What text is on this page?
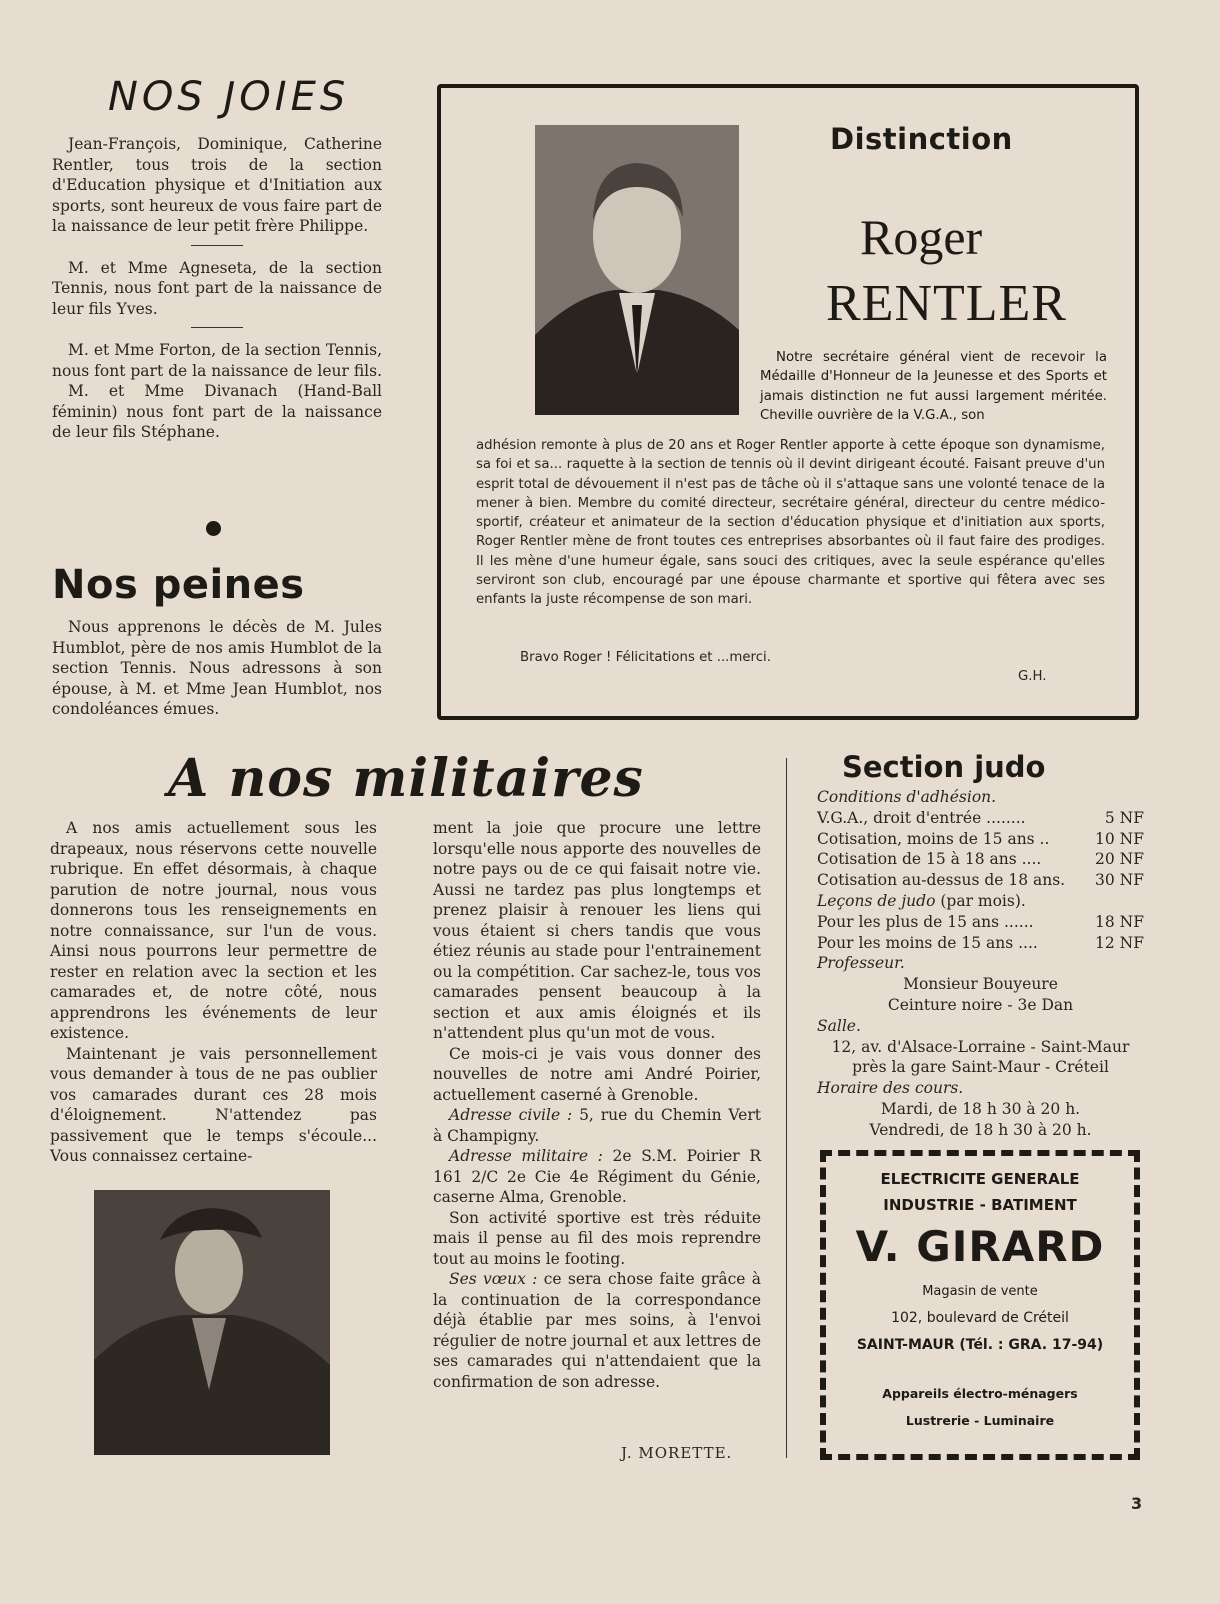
NOS JOIES

Jean-François, Dominique, Catherine Rentler, tous trois de la section d'Education physique et d'Initiation aux sports, sont heureux de vous faire part de la naissance de leur petit frère Philippe.

M. et Mme Agneseta, de la section Tennis, nous font part de la naissance de leur fils Yves.

M. et Mme Forton, de la section Tennis, nous font part de la naissance de leur fils.

M. et Mme Divanach (Hand-Ball féminin) nous font part de la naissance de leur fils Stéphane.

Nos peines

Nous apprenons le décès de M. Jules Humblot, père de nos amis Humblot de la section Tennis. Nous adressons à son épouse, à M. et Mme Jean Humblot, nos condoléances émues.

Distinction
Roger
RENTLER

Notre secrétaire général vient de recevoir la Médaille d'Honneur de la Jeunesse et des Sports et jamais distinction ne fut aussi largement méritée. Cheville ouvrière de la V.G.A., son

adhésion remonte à plus de 20 ans et Roger Rentler apporte à cette époque son dynamisme, sa foi et sa... raquette à la section de tennis où il devint dirigeant écouté. Faisant preuve d'un esprit total de dévouement il n'est pas de tâche où il s'attaque sans une volonté tenace de la mener à bien. Membre du comité directeur, secrétaire général, directeur du centre médico-sportif, créateur et animateur de la section d'éducation physique et d'initiation aux sports, Roger Rentler mène de front toutes ces entreprises absorbantes où il faut faire des prodiges. Il les mène d'une humeur égale, sans souci des critiques, avec la seule espérance qu'elles serviront son club, encouragé par une épouse charmante et sportive qui fêtera avec ses enfants la juste récompense de son mari.

Bravo Roger ! Félicitations et ...merci.
G.H.
A nos militaires

A nos amis actuellement sous les drapeaux, nous réservons cette nouvelle rubrique. En effet désormais, à chaque parution de notre journal, nous vous donnerons tous les renseignements en notre connaissance, sur l'un de vous. Ainsi nous pourrons leur permettre de rester en relation avec la section et les camarades et, de notre côté, nous apprendrons les événements de leur existence.

Maintenant je vais personnellement vous demander à tous de ne pas oublier vos camarades durant ces 28 mois d'éloignement. N'attendez pas passivement que le temps s'écoule... Vous connaissez certaine-

ment la joie que procure une lettre lorsqu'elle nous apporte des nouvelles de notre pays ou de ce qui faisait notre vie. Aussi ne tardez pas plus longtemps et prenez plaisir à renouer les liens qui vous étaient si chers tandis que vous étiez réunis au stade pour l'entrainement ou la compétition. Car sachez-le, tous vos camarades pensent beaucoup à la section et aux amis éloignés et ils n'attendent plus qu'un mot de vous.

Ce mois-ci je vais vous donner des nouvelles de notre ami André Poirier, actuellement caserné à Grenoble.

Adresse civile : 5, rue du Chemin Vert à Champigny.

Adresse militaire : 2e S.M. Poirier R 161 2/C 2e Cie 4e Régiment du Génie, caserne Alma, Grenoble.

Son activité sportive est très réduite mais il pense au fil des mois reprendre tout au moins le footing.

Ses vœux : ce sera chose faite grâce à la continuation de la correspondance déjà établie par mes soins, à l'envoi régulier de notre journal et aux lettres de ses camarades qui n'attendaient que la confirmation de son adresse.

J. MORETTE.
Section judo
Conditions d'adhésion.
V.G.A., droit d'entrée ........	5 NF
Cotisation, moins de 15 ans ..	10 NF
Cotisation de 15 à 18 ans ....	20 NF
Cotisation au-dessus de 18 ans. 30 NF
Leçons de judo (par mois).
Pour les plus de 15 ans ......	18 NF
Pour les moins de 15 ans ....	12 NF
Professeur.
Monsieur Bouyeure
Ceinture noire - 3e Dan
Salle.
12, av. d'Alsace-Lorraine - Saint-Maur
près la gare Saint-Maur - Créteil
Horaire des cours.
Mardi, de 18 h 30 à 20 h.
Vendredi, de 18 h 30 à 20 h.
ELECTRICITE GENERALE
INDUSTRIE - BATIMENT
V. GIRARD
Magasin de vente
102, boulevard de Créteil
SAINT-MAUR (Tél. : GRA. 17-94)
Appareils électro-ménagers
Lustrerie - Luminaire
3
